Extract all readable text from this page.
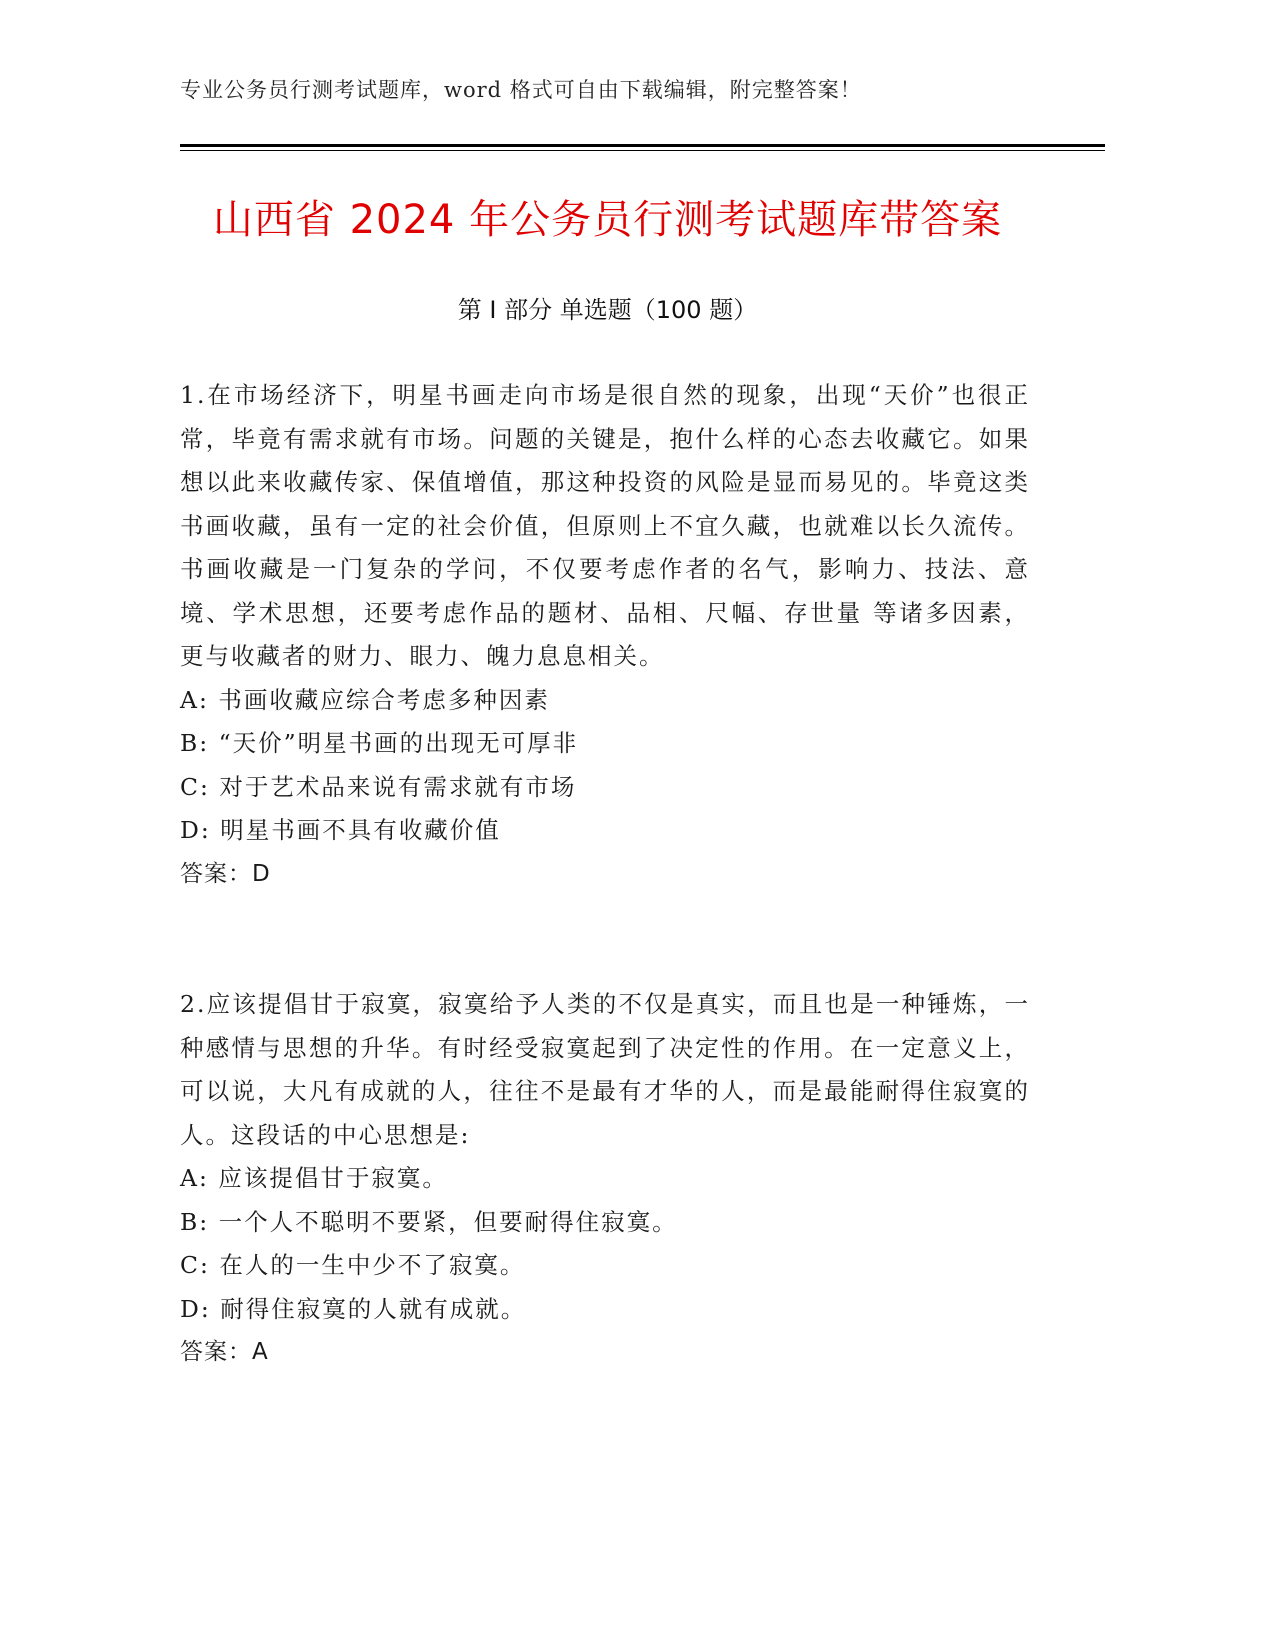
专业公务员行测考试题库，word 格式可自由下载编辑，附完整答案！
山西省 2024 年公务员行测考试题库带答案
第 I 部分 单选题（100 题）

1.在市场经济下，明星书画走向市场是很自然的现象，出现“天价”也很正常，毕竟有需求就有市场。问题的关键是，抱什么样的心态去收藏它。如果想以此来收藏传家、保值增值，那这种投资的风险是显而易见的。毕竟这类书画收藏，虽有一定的社会价值，但原则上不宜久藏，也就难以长久流传。书画收藏是一门复杂的学问，不仅要考虑作者的名气，影响力、技法、意境、学术思想，还要考虑作品的题材、品相、尺幅、存世量 等诸多因素，更与收藏者的财力、眼力、魄力息息相关。

A: 书画收藏应综合考虑多种因素

B: “天价”明星书画的出现无可厚非

C: 对于艺术品来说有需求就有市场

D: 明星书画不具有收藏价值

答案：D

2.应该提倡甘于寂寞，寂寞给予人类的不仅是真实，而且也是一种锤炼，一种感情与思想的升华。有时经受寂寞起到了决定性的作用。在一定意义上，可以说，大凡有成就的人，往往不是最有才华的人，而是最能耐得住寂寞的人。这段话的中心思想是:

A: 应该提倡甘于寂寞。

B: 一个人不聪明不要紧，但要耐得住寂寞。

C: 在人的一生中少不了寂寞。

D: 耐得住寂寞的人就有成就。

答案：A
